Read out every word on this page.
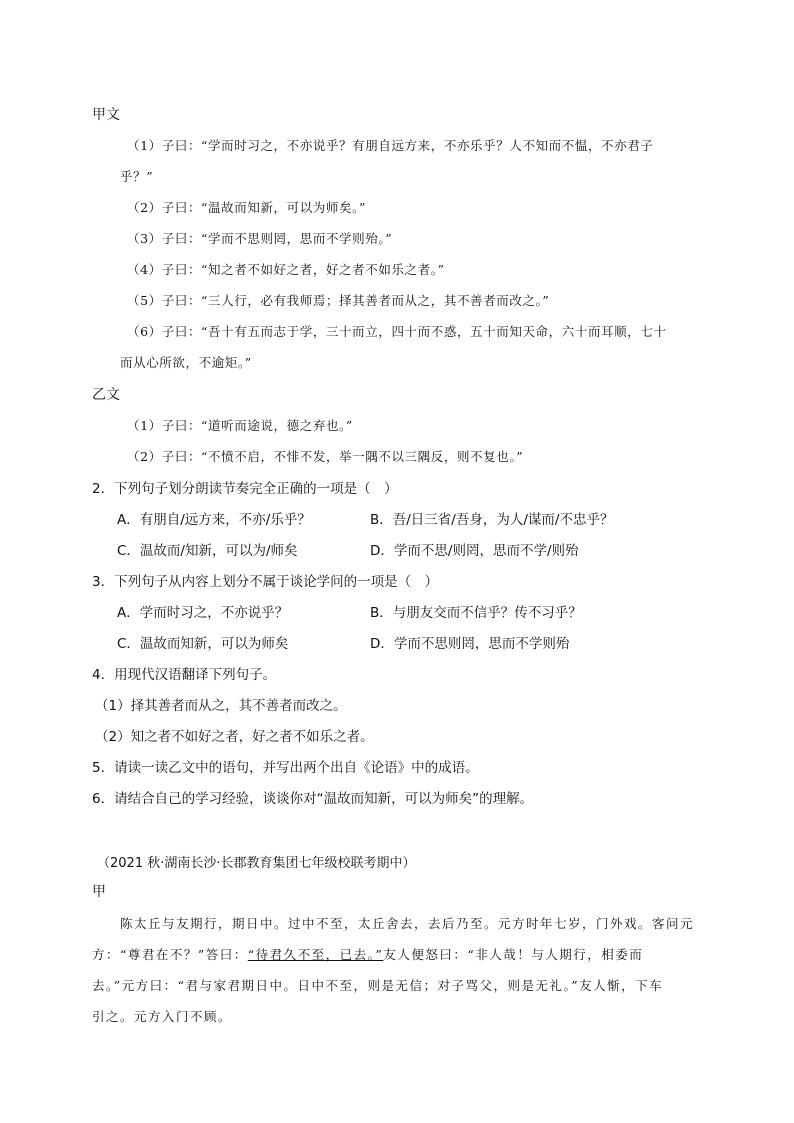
甲文
（1）子曰：“学而时习之，不亦说乎？有朋自远方来，不亦乐乎？人不知而不愠，不亦君子
乎？”
（2）子曰：“温故而知新，可以为师矣。”
（3）子曰：“学而不思则罔，思而不学则殆。”
（4）子曰：“知之者不如好之者，好之者不如乐之者。”
（5）子曰：“三人行，必有我师焉；择其善者而从之，其不善者而改之。”
（6）子曰：“吾十有五而志于学，三十而立，四十而不惑，五十而知天命，六十而耳顺，七十
而从心所欲，不逾矩。”
乙文
（1）子曰：“道听而途说，德之弃也。”
（2）子曰：“不愤不启，不悱不发，举一隅不以三隅反，则不复也。”
2．下列句子划分朗读节奏完全正确的一项是（　）
A．有朋自/远方来，不亦/乐乎？	B．吾/日三省/吾身，为人/谋而/不忠乎？
C．温故而/知新，可以为/师矣	D．学而不思/则罔，思而不学/则殆
3．下列句子从内容上划分不属于谈论学问的一项是（　）
A．学而时习之，不亦说乎？	B．与朋友交而不信乎？传不习乎？
C．温故而知新，可以为师矣	D．学而不思则罔，思而不学则殆
4．用现代汉语翻译下列句子。
（1）择其善者而从之，其不善者而改之。
（2）知之者不如好之者，好之者不如乐之者。
5．请读一读乙文中的语句，并写出两个出自《论语》中的成语。
6．请结合自己的学习经验，谈谈你对“温故而知新，可以为师矣”的理解。
（2021 秋·湖南长沙·长郡教育集团七年级校联考期中）
甲
陈太丘与友期行，期日中。过中不至，太丘舍去，去后乃至。元方时年七岁，门外戏。客问元
方：“尊君在不？”答曰：“待君久不至，已去。”友人便怒曰：“非人哉！与人期行，相委而
去。”元方曰：“君与家君期日中。日中不至，则是无信；对子骂父，则是无礼。”友人惭，下车
引之。元方入门不顾。
